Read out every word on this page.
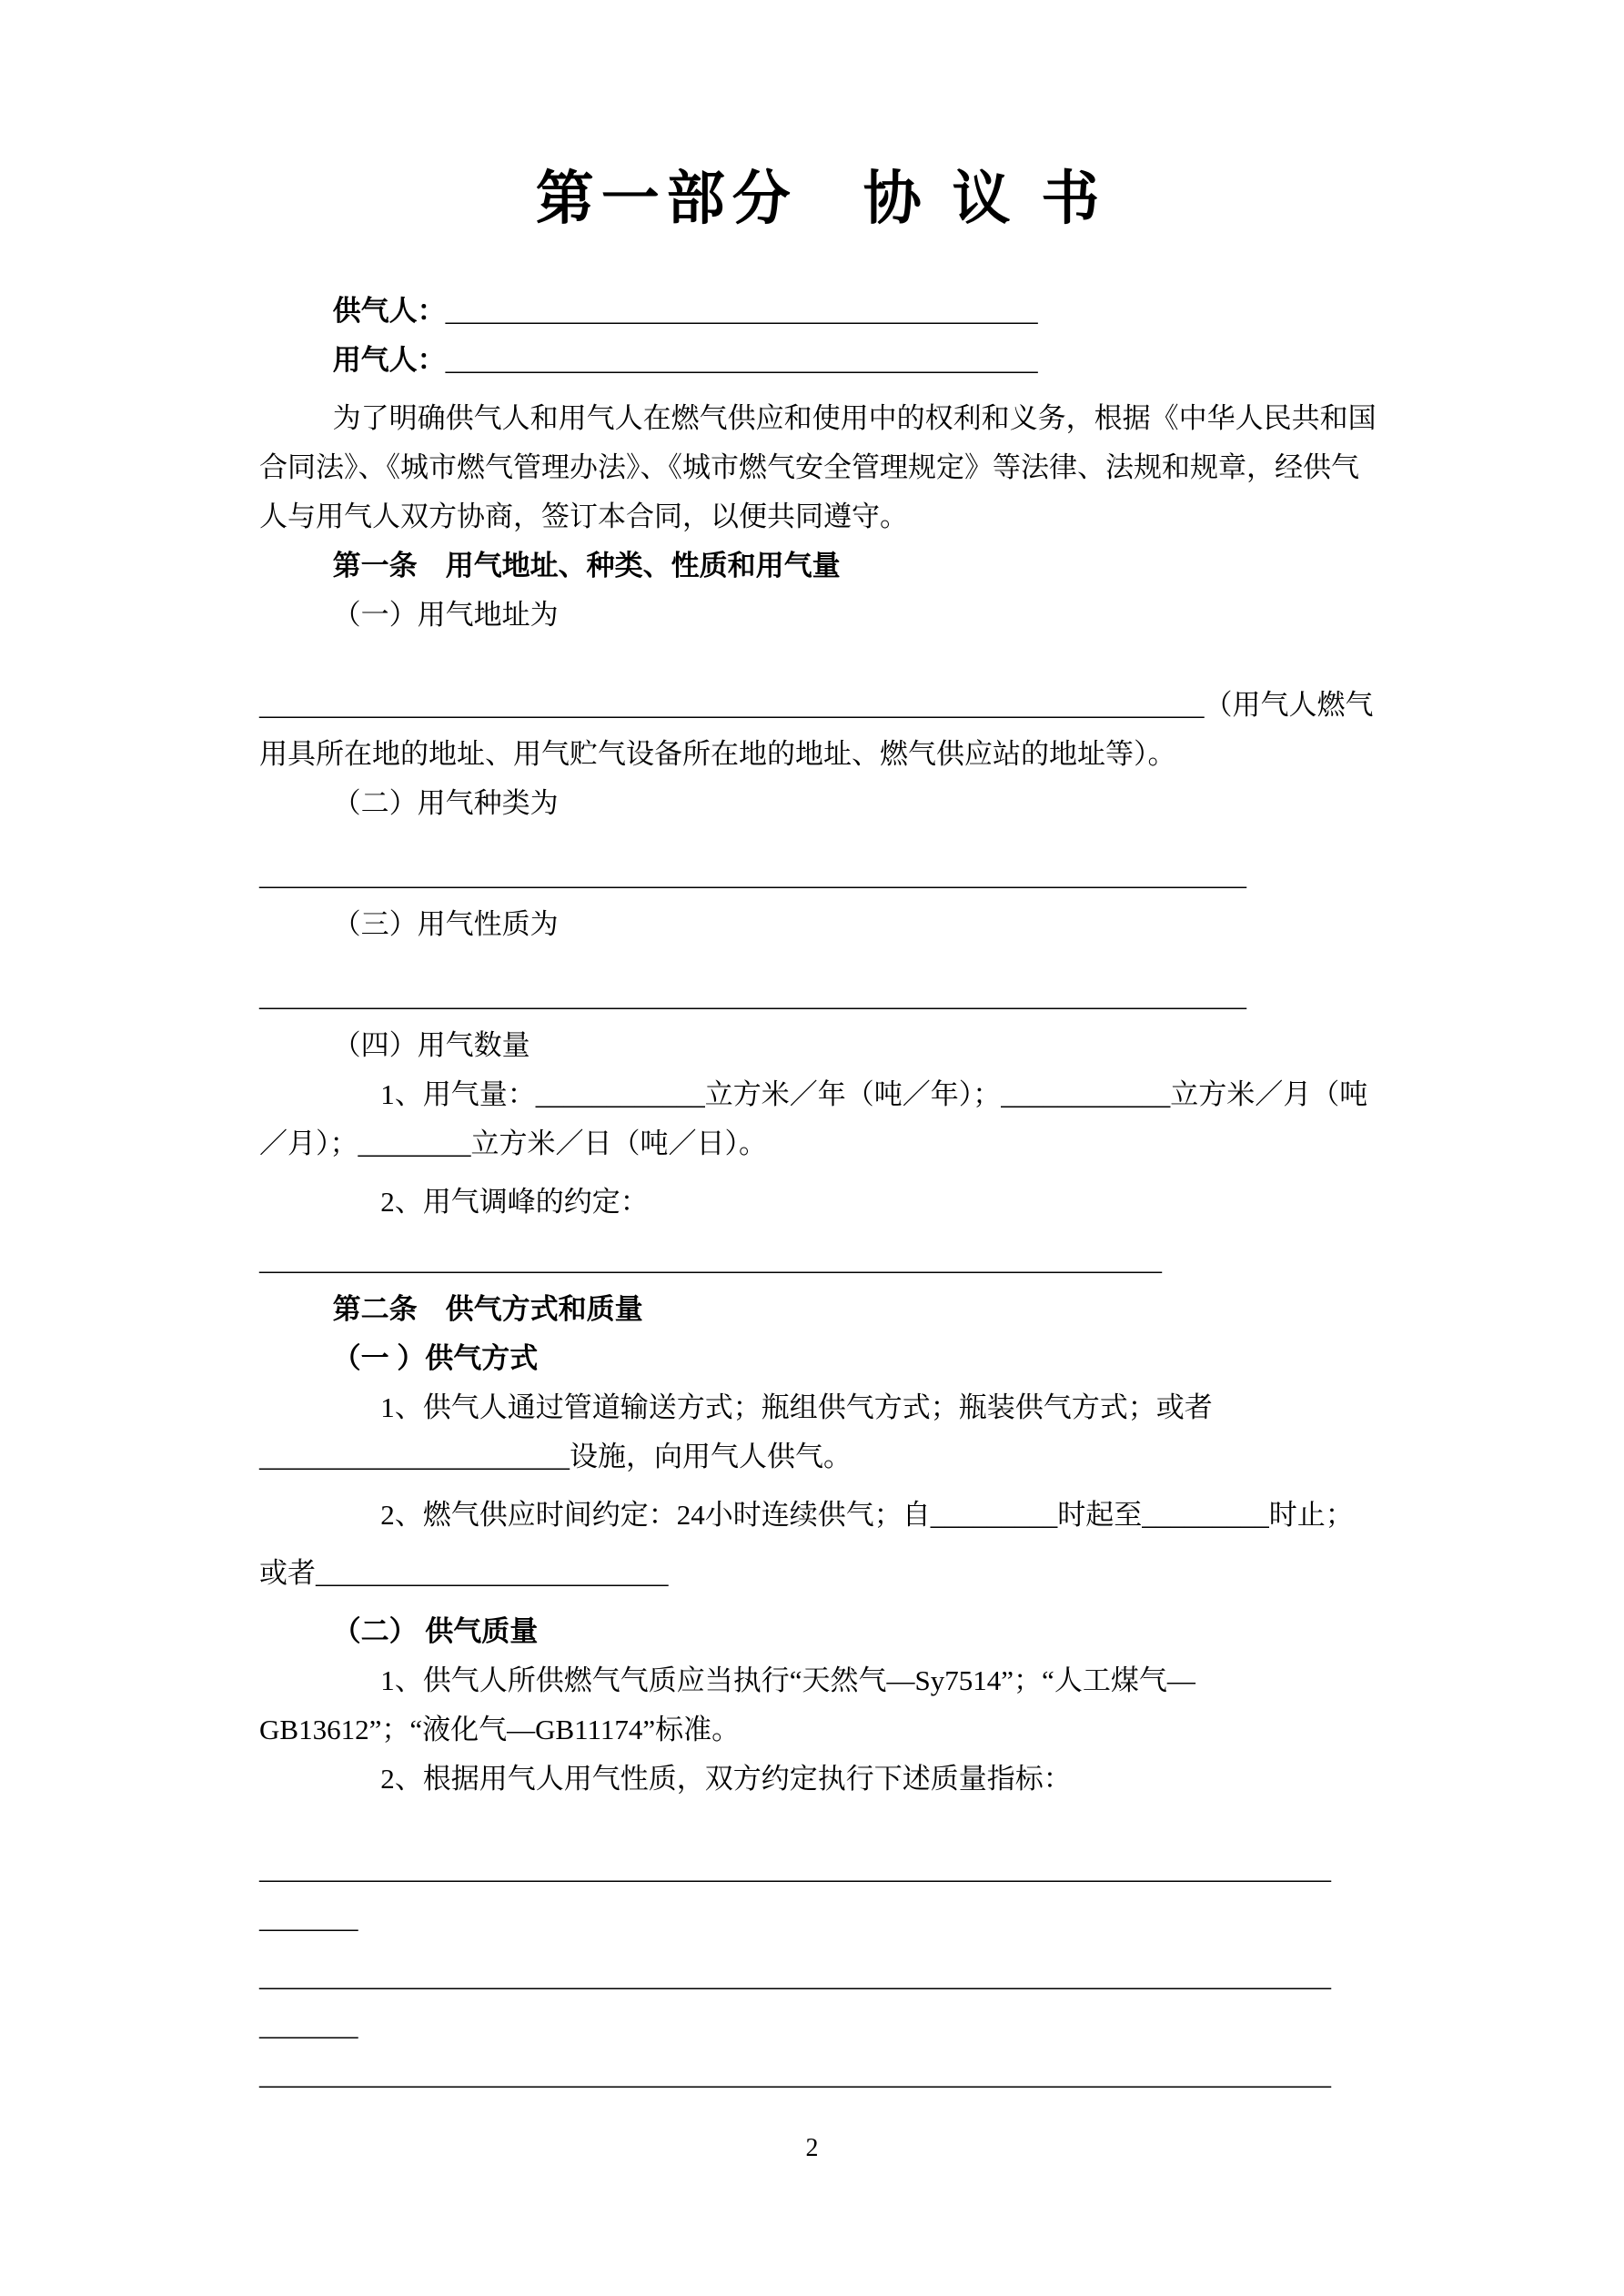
第一部分　协 议 书

供气人：__________________________________________

用气人：__________________________________________

为了明确供气人和用气人在燃气供应和使用中的权利和义务，根据《中华人民共和国合同法》、《城市燃气管理办法》、《城市燃气安全管理规定》等法律、法规和规章，经供气人与用气人双方协商，签订本合同，以便共同遵守。

第一条　用气地址、种类、性质和用气量

（一）用气地址为

___________________________________________________________________（用气人燃气用具所在地的地址、用气贮气设备所在地的地址、燃气供应站的地址等）。

（二）用气种类为

______________________________________________________________________

（三）用气性质为

______________________________________________________________________

（四）用气数量

1、用气量：____________立方米／年（吨／年）；____________立方米／月（吨／月）；________立方米／日（吨／日）。

2、用气调峰的约定：

________________________________________________________________

第二条　供气方式和质量

（一 ）供气方式

1、供气人通过管道输送方式；瓶组供气方式；瓶装供气方式；或者

______________________设施，向用气人供气。

2、燃气供应时间约定：24小时连续供气；自_________时起至_________时止；

或者_________________________

（二） 供气质量

1、供气人所供燃气气质应当执行“天然气—Sy7514”；“人工煤气—GB13612”；“液化气—GB11174”标准。

2、根据用气人用气性质，双方约定执行下述质量指标：

____________________________________________________________________________

_______

____________________________________________________________________________

_______

____________________________________________________________________________

2
